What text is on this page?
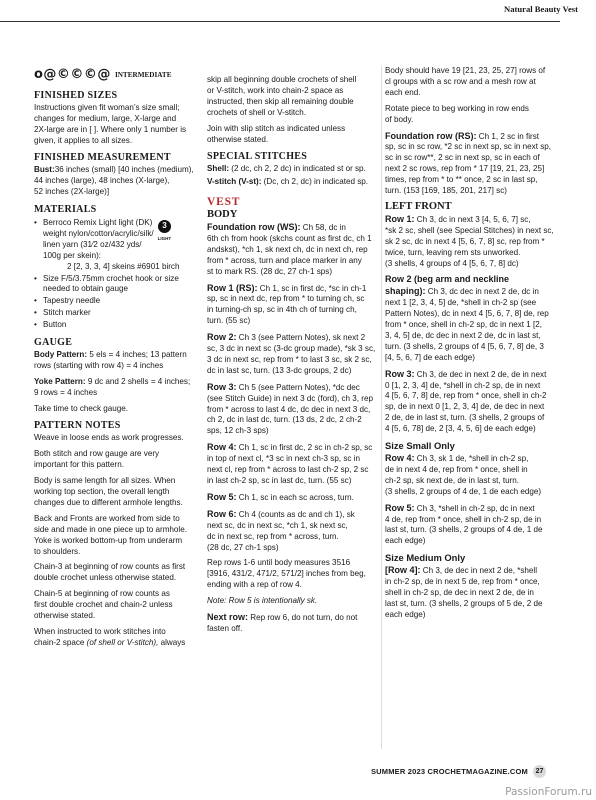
Natural Beauty Vest
o@©©©@ INTERMEDIATE
FINISHED SIZES

Instructions given fit woman’s size small;
changes for medium, large, X-large and
2X-large are in [ ]. Where only 1 number is
given, it applies to all sizes.

FINISHED MEASUREMENT

Bust:36 inches (small) [40 inches (medium),
44 inches (large), 48 inches (X-large),
52 inches (2X-large)]

MATERIALS
• Berroco Remix Light light (DK)
weight nylon/cotton/acrylic/silk/
linen yarn (31⁄2 oz/432 yds/
100g per skein):
3
LIGHT
2 [2, 3, 3, 4] skeins #6901 birch
• Size F/5/3.75mm crochet hook or size
needed to obtain gauge
• Tapestry needle
• Stitch marker
• Button
GAUGE

Body Pattern: 5 els = 4 inches; 13 pattern
rows (starting with row 4) = 4 inches

Yoke Pattern: 9 dc and 2 shells = 4 inches;
9 rows = 4 inches

Take time to check gauge.

PATTERN NOTES

Weave in loose ends as work progresses.

Both stitch and row gauge are very
important for this pattern.

Body is same length for all sizes. When
working top section, the overall length
changes due to different armhole lengths.

Back and Fronts are worked from side to
side and made in one piece up to armhole.
Yoke is worked bottom-up from underarm
to shoulders.

Chain-3 at beginning of row counts as first
double crochet unless otherwise stated.

Chain-5 at beginning of row counts as
first double crochet and chain-2 unless
otherwise stated.

When instructed to work stitches into
chain-2 space (of shell or V-stitch), always

skip all beginning double crochets of shell
or V-stitch, work into chain-2 space as
instructed, then skip all remaining double
crochets of shell or V-stitch.

Join with slip stitch as indicated unless
otherwise stated.

SPECIAL STITCHES

Shell: (2 dc, ch 2, 2 dc) in indicated st or sp.

V-stitch (V-st): (Dc, ch 2, dc) in indicated sp.

VEST
BODY

Foundation row (WS): Ch 58, dc in
6th ch from hook (skchs count as first dc, ch 1
andskst), *ch 1, sk next ch, dc in next ch, rep
from * across, turn and place marker in any
st to mark RS. (28 dc, 27 ch-1 sps)

Row 1 (RS): Ch 1, sc in first dc, *sc in ch-1
sp, sc in next dc, rep from * to turning ch, sc
in turning-ch sp, sc in 4th ch of turning ch,
turn. (55 sc)

Row 2: Ch 3 (see Pattern Notes), sk next 2
sc, 3 dc in next sc (3-dc group made), *sk 3 sc,
3 dc in next sc, rep from * to last 3 sc, sk 2 sc,
dc in last sc, turn. (13 3-dc groups, 2 dc)

Row 3: Ch 5 (see Pattern Notes), *dc dec
(see Stitch Guide) in next 3 dc (ford), ch 3, rep
from * across to last 4 dc, dc dec in next 3 dc,
ch 2, dc in last dc, turn. (13 ds, 2 dc, 2 ch-2
sps, 12 ch-3 sps)

Row 4: Ch 1, sc in first dc, 2 sc in ch-2 sp, sc
in top of next cl, *3 sc in next ch-3 sp, sc in
next cl, rep from * across to last ch-2 sp, 2 sc
in last ch-2 sp, sc in last dc, turn. (55 sc)

Row 5: Ch 1, sc in each sc across, turn.

Row 6: Ch 4 (counts as dc and ch 1), sk
next sc, dc in next sc, *ch 1, sk next sc,
dc in next sc, rep from * across, turn.
(28 dc, 27 ch-1 sps)

Rep rows 1-6 until body measures 3516
[3916, 431/2, 471/2, 571/2] inches from beg,
ending with a rep of row 4.

Note: Row 5 is intentionally sk.

Next row: Rep row 6, do not turn, do not
fasten off.

Body should have 19 [21, 23, 25, 27] rows of
cl groups with a sc row and a mesh row at
each end.

Rotate piece to beg working in row ends
of body.

Foundation row (RS): Ch 1, 2 sc in first
sp, sc in sc row, *2 sc in next sp, sc in next sp,
sc in sc row**, 2 sc in next sp, sc in each of
next 2 sc rows, rep from * 17 [19, 21, 23, 25]
times, rep from * to ** once, 2 sc in last sp,
turn. (153 [169, 185, 201, 217] sc)

LEFT FRONT

Row 1: Ch 3, dc in next 3 [4, 5, 6, 7] sc,
*sk 2 sc, shell (see Special Stitches) in next sc,
sk 2 sc, dc in next 4 [5, 6, 7, 8] sc, rep from *
twice, turn, leaving rem sts unworked.
(3 shells, 4 groups of 4 [5, 6, 7, 8] dc)

Row 2 (beg arm and neckline
shaping): Ch 3, dc dec in next 2 de, dc in
next 1 [2, 3, 4, 5] de, *shell in ch-2 sp (see
Pattern Notes), dc in next 4 [5, 6, 7, 8] de, rep
from * once, shell in ch-2 sp, dc in next 1 [2,
3, 4, 5] de, dc dec in next 2 de, dc in last st,
turn. (3 shells, 2 groups of 4 [5, 6, 7, 8] de, 3
[4, 5, 6, 7] de each edge)

Row 3: Ch 3, de dec in next 2 de, de in next
0 [1, 2, 3, 4] de, *shell in ch-2 sp, de in next
4 [5, 6, 7, 8] de, rep from * once, shell in ch-2
sp, de in next 0 [1, 2, 3, 4] de, de dec in next
2 de, de in last st, turn. (3 shells, 2 groups of
4 [5, 6, 78] de, 2 [3, 4, 5, 6] de each edge)

Size Small Only

Row 4: Ch 3, sk 1 de, *shell in ch-2 sp,
de in next 4 de, rep from * once, shell in
ch-2 sp, sk next de, de in last st, turn.
(3 shells, 2 groups of 4 de, 1 de each edge)

Row 5: Ch 3, *shell in ch-2 sp, dc in next
4 de, rep from * once, shell in ch-2 sp, de in
last st, turn. (3 shells, 2 groups of 4 de, 1 de
each edge)

Size Medium Only

[Row 4]: Ch 3, de dec in next 2 de, *shell
in ch-2 sp, de in next 5 de, rep from * once,
shell in ch-2 sp, de dec in next 2 de, de in
last st, turn. (3 shells, 2 groups of 5 de, 2 de
each edge)

SUMMER 2023 CROCHETMAGAZINE.COM	27
PassionForum.ru
